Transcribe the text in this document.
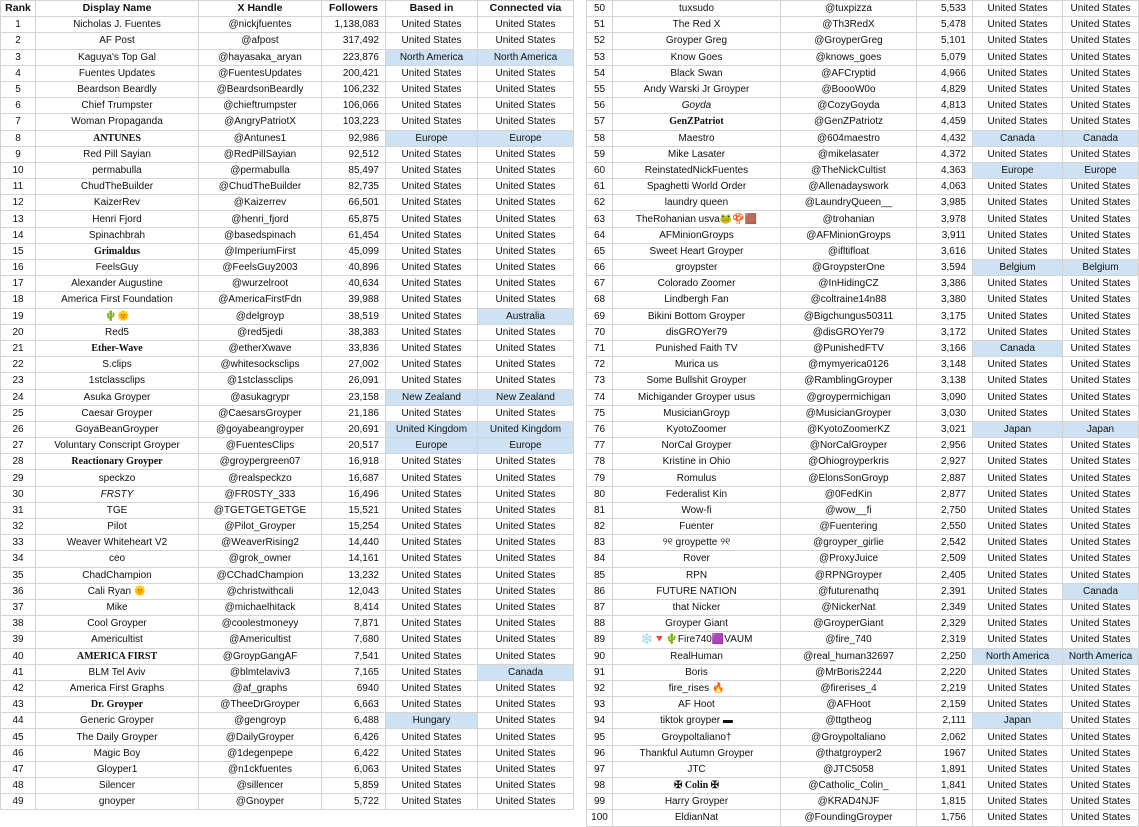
Rank	Display Name	X Handle	Followers	Based in	Connected via
1	Nicholas J. Fuentes	@nickjfuentes	1,138,083	United States	United States
2	AF Post	@afpost	317,492	United States	United States
3	Kaguya's Top Gal	@hayasaka_aryan	223,876	North America	North America
4	Fuentes Updates	@FuentesUpdates	200,421	United States	United States
5	Beardson Beardly	@BeardsonBeardly	106,232	United States	United States
6	Chief Trumpster	@chieftrumpster	106,066	United States	United States
7	Woman Propaganda	@AngryPatriotX	103,223	United States	United States
8	ANTUNES	@Antunes1	92,986	Europe	Europe
9	Red Pill Sayian	@RedPillSayian	92,512	United States	United States
10	permabulla	@permabulla	85,497	United States	United States
11	ChudTheBuilder	@ChudTheBuilder	82,735	United States	United States
12	KaizerRev	@Kaizerrev	66,501	United States	United States
13	Henri Fjord	@henri_fjord	65,875	United States	United States
14	Spinachbrah	@basedspinach	61,454	United States	United States
15	Grimaldus	@ImperiumFirst	45,099	United States	United States
16	FeelsGuy	@FeelsGuy2003	40,896	United States	United States
17	Alexander Augustine	@wurzelroot	40,634	United States	United States
18	America First Foundation	@AmericaFirstFdn	39,988	United States	United States
19	🌵🌞	@delgroyp	38,519	United States	Australia
20	Red5	@red5jedi	38,383	United States	United States
21	Ether-Wave	@etherXwave	33,836	United States	United States
22	S.clips	@whitesocksclips	27,002	United States	United States
23	1stclassclips	@1stclassclips	26,091	United States	United States
24	Asuka Groyper	@asukagrypr	23,158	New Zealand	New Zealand
25	Caesar Groyper	@CaesarsGroyper	21,186	United States	United States
26	GoyaBeanGroyper	@goyabeangroyper	20,691	United Kingdom	United Kingdom
27	Voluntary Conscript Groyper	@FuentesClips	20,517	Europe	Europe
28	Reactionary Groyper	@groypergreen07	16,918	United States	United States
29	speckzo	@realspeckzo	16,687	United States	United States
30	FRSTY	@FR0STY_333	16,496	United States	United States
31	TGE	@TGETGETGETGE	15,521	United States	United States
32	Pilot	@Pilot_Groyper	15,254	United States	United States
33	Weaver Whiteheart V2	@WeaverRising2	14,440	United States	United States
34	ceo	@grok_owner	14,161	United States	United States
35	ChadChampion	@CChadChampion	13,232	United States	United States
36	Cali Ryan 🌞	@christwithcali	12,043	United States	United States
37	Mike	@michaelhitack	8,414	United States	United States
38	Cool Groyper	@coolestmoneyy	7,871	United States	United States
39	Americultist	@Americultist	7,680	United States	United States
40	AMERICA FIRST	@GroypGangAF	7,541	United States	United States
41	BLM Tel Aviv	@blmtelaviv3	7,165	United States	Canada
42	America First Graphs	@af_graphs	6940	United States	United States
43	Dr. Groyper	@TheeDrGroyper	6,663	United States	United States
44	Generic Groyper	@gengroyp	6,488	Hungary	United States
45	The Daily Groyper	@DailyGroyper	6,426	United States	United States
46	Magic Boy	@1degenpepe	6,422	United States	United States
47	Gloyper1	@n1ckfuentes	6,063	United States	United States
48	Silencer	@sillencer	5,859	United States	United States
49	gnoyper	@Gnoyper	5,722	United States	United States
50	tuxsudo	@tuxpizza	5,533	United States	United States
51	The Red X	@Th3RedX	5,478	United States	United States
52	Groyper Greg	@GroyperGreg	5,101	United States	United States
53	Know Goes	@knows_goes	5,079	United States	United States
54	Black Swan	@AFCryptid	4,966	United States	United States
55	Andy Warski Jr Groyper	@BoooW0o	4,829	United States	United States
56	Goyda	@CozyGoyda	4,813	United States	United States
57	GenZPatriot	@GenZPatriotz	4,459	United States	United States
58	Maestro	@604maestro	4,432	Canada	Canada
59	Mike Lasater	@mikelasater	4,372	United States	United States
60	ReinstatedNickFuentes	@TheNickCultist	4,363	Europe	Europe
61	Spaghetti World Order	@Allenadayswork	4,063	United States	United States
62	laundry queen	@LaundryQueen__	3,985	United States	United States
63	TheRohanian usva🐸🍄🟫	@trohanian	3,978	United States	United States
64	AFMinionGroyps	@AFMinionGroyps	3,911	United States	United States
65	Sweet Heart Groyper	@ifltifloat	3,616	United States	United States
66	groypster	@GroypsterOne	3,594	Belgium	Belgium
67	Colorado Zoomer	@InHidingCZ	3,386	United States	United States
68	Lindbergh Fan	@coltraine14n88	3,380	United States	United States
69	Bikini Bottom Groyper	@Bigchungus50311	3,175	United States	United States
70	disGROYer79	@disGROYer79	3,172	United States	United States
71	Punished Faith TV	@PunishedFTV	3,166	Canada	United States
72	Murica us	@mymyerica0126	3,148	United States	United States
73	Some Bullshit Groyper	@RamblingGroyper	3,138	United States	United States
74	Michigander Groyper usus	@groypermichigan	3,090	United States	United States
75	MusicianGroyp	@MusicianGroyper	3,030	United States	United States
76	KyotoZoomer	@KyotoZoomerKZ	3,021	Japan	Japan
77	NorCal Groyper	@NorCalGroyper	2,956	United States	United States
78	Kristine in Ohio	@Ohiogroyperkris	2,927	United States	United States
79	Romulus	@ElonsSonGroyp	2,887	United States	United States
80	Federalist Kin	@0FedKin	2,877	United States	United States
81	Wow-fi	@wow__fi	2,750	United States	United States
82	Fuenter	@Fuentering	2,550	United States	United States
83	୨୧ groypette ୨୧	@groyper_girlie	2,542	United States	United States
84	Rover	@ProxyJuice	2,509	United States	United States
85	RPN	@RPNGroyper	2,405	United States	United States
86	FUTURE NATION	@futurenathq	2,391	United States	Canada
87	that Nicker	@NickerNat	2,349	United States	United States
88	Groyper Giant	@GroyperGiant	2,329	United States	United States
89	❄️🔻🌵Fire740🟪VAUM	@fire_740	2,319	United States	United States
90	RealHuman	@real_human32697	2,250	North America	North America
91	Boris	@MrBoris2244	2,220	United States	United States
92	fire_rises 🔥	@firerises_4	2,219	United States	United States
93	AF Hoot	@AFHoot	2,159	United States	United States
94	tiktok groyper ▬	@ttgtheog	2,111	Japan	United States
95	Groypoltaliano†	@Groypoltaliano	2,062	United States	United States
96	Thankful Autumn Groyper	@thatgroyper2	1967	United States	United States
97	JTC	@JTC5058	1,891	United States	United States
98	✠ Colin ✠	@Catholic_Colin_	1,841	United States	United States
99	Harry Groyper	@KRAD4NJF	1,815	United States	United States
100	EldianNat	@FoundingGroyper	1,756	United States	United States
